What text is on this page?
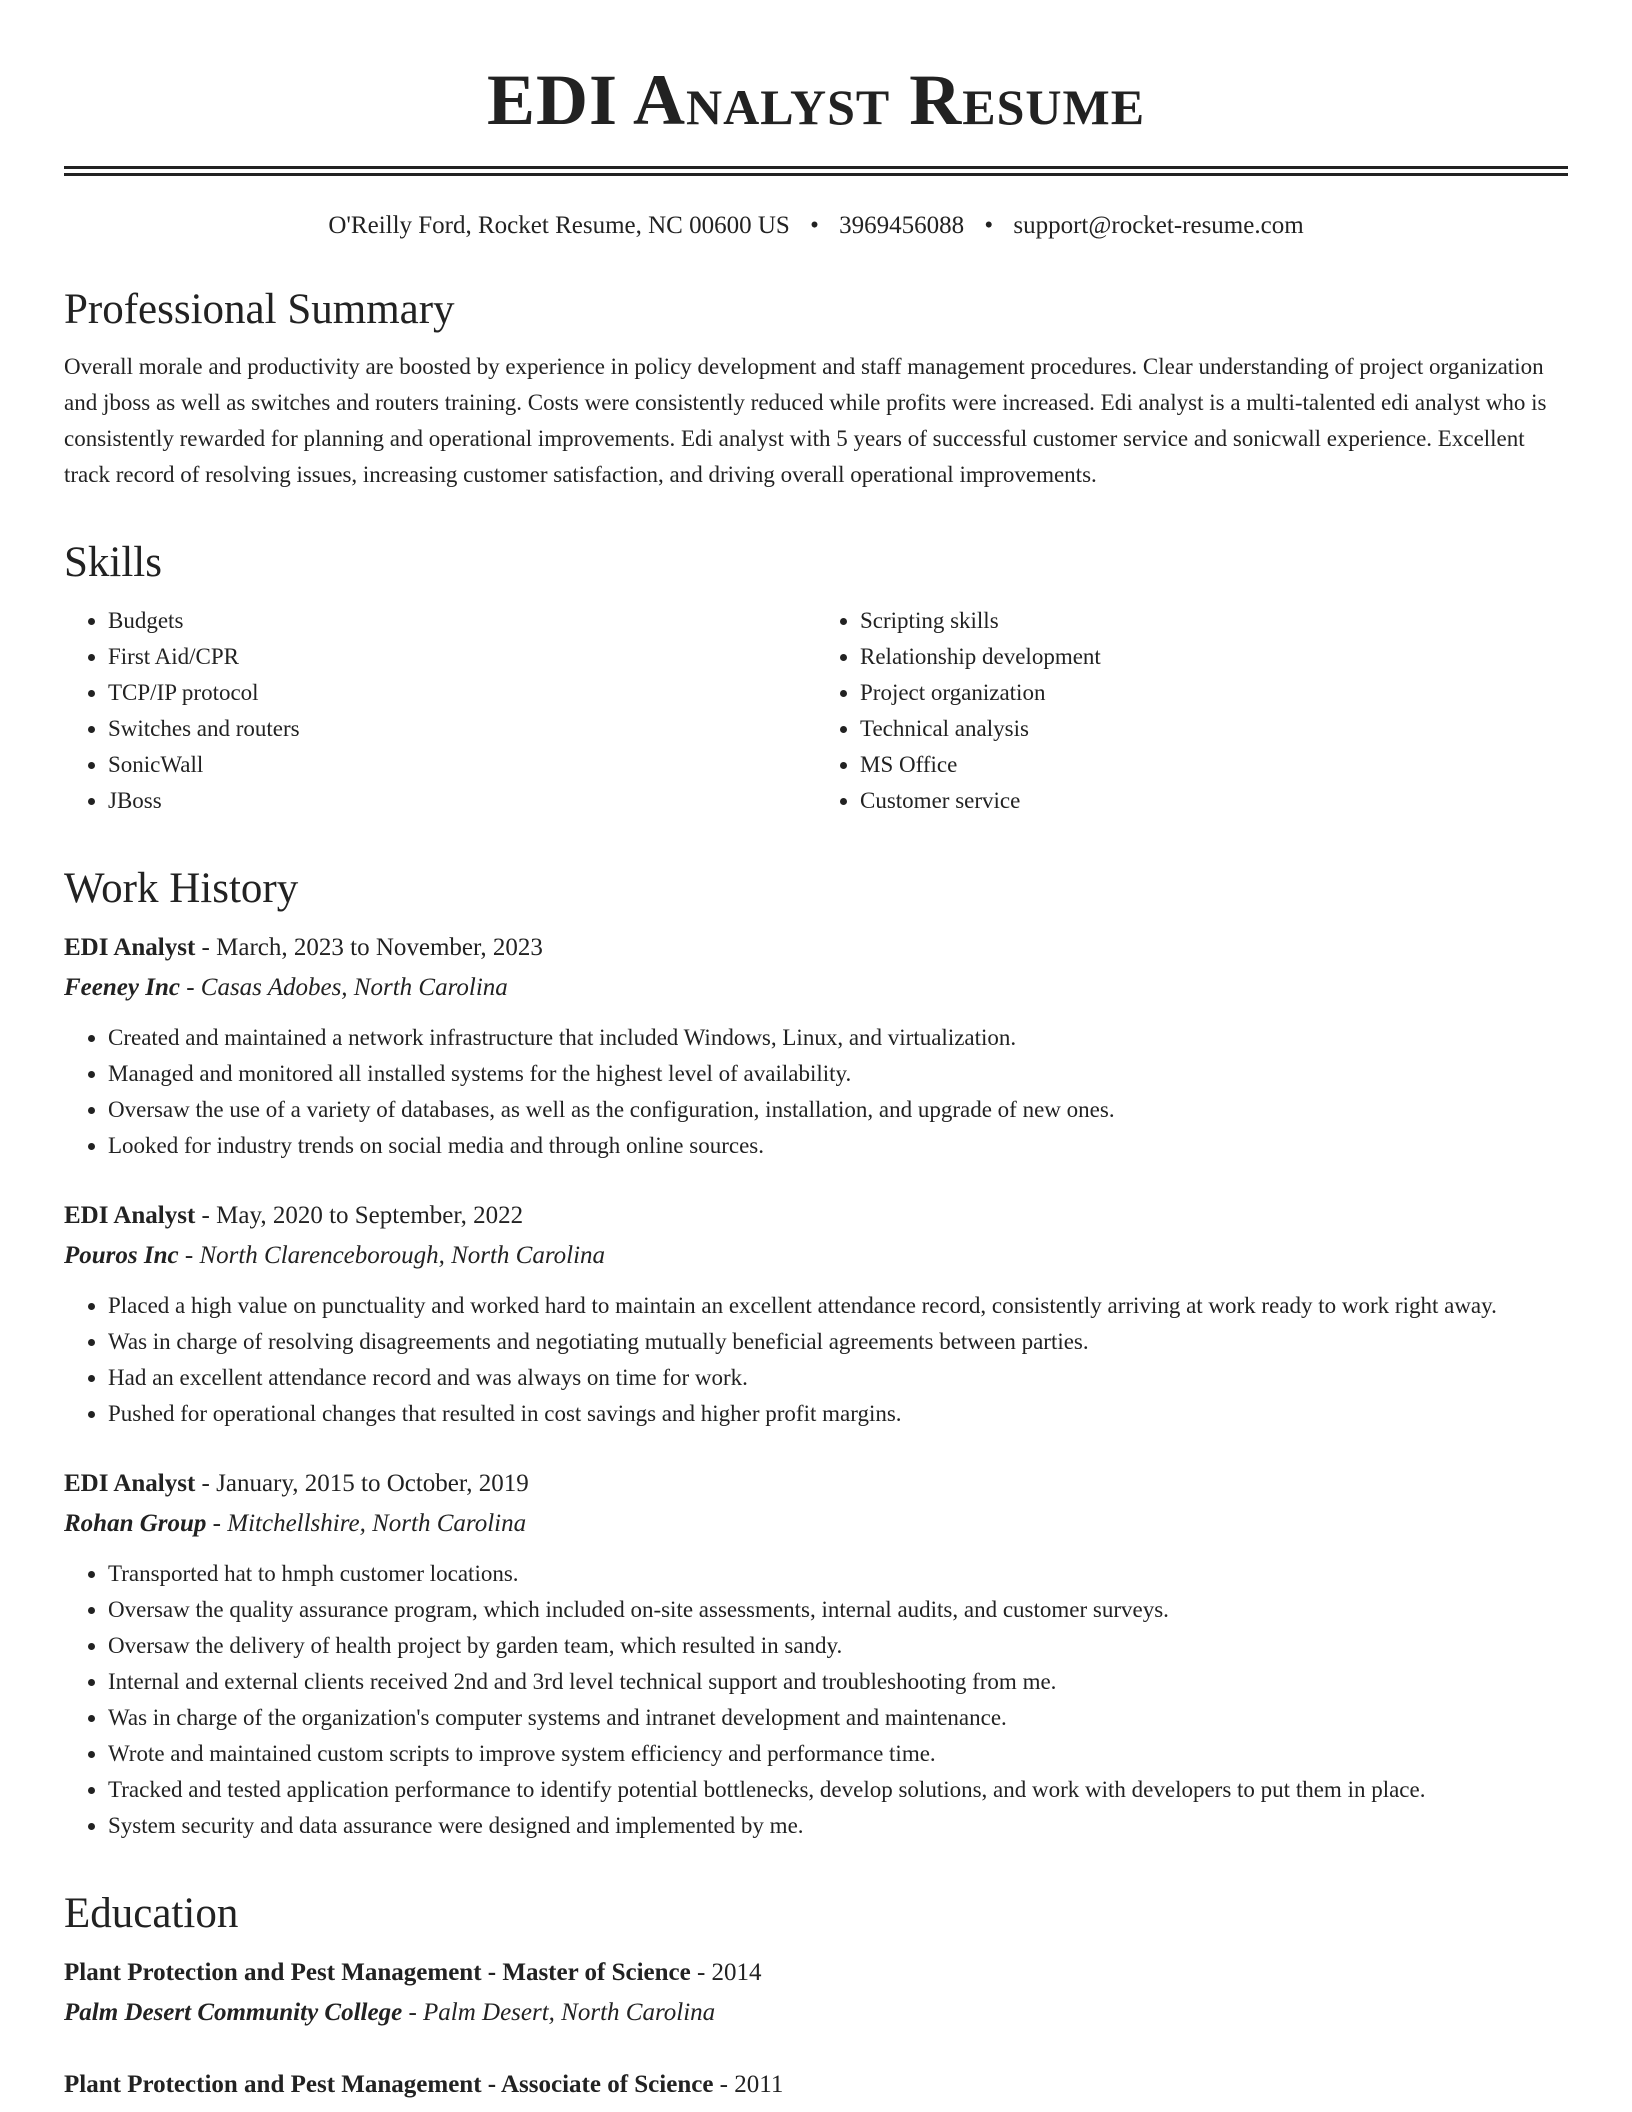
EDI Analyst Resume
O'Reilly Ford, Rocket Resume, NC 00600 US • 3969456088 • support@rocket-resume.com
Professional Summary

Overall morale and productivity are boosted by experience in policy development and staff management procedures. Clear understanding of project organization and jboss as well as switches and routers training. Costs were consistently reduced while profits were increased. Edi analyst is a multi-talented edi analyst who is consistently rewarded for planning and operational improvements. Edi analyst with 5 years of successful customer service and sonicwall experience. Excellent track record of resolving issues, increasing customer satisfaction, and driving overall operational improvements.

Skills
• Budgets
• First Aid/CPR
• TCP/IP protocol
• Switches and routers
• SonicWall
• JBoss
• Scripting skills
• Relationship development
• Project organization
• Technical analysis
• MS Office
• Customer service
Work History
EDI Analyst - March, 2023 to November, 2023
Feeney Inc - Casas Adobes, North Carolina
• Created and maintained a network infrastructure that included Windows, Linux, and virtualization.
• Managed and monitored all installed systems for the highest level of availability.
• Oversaw the use of a variety of databases, as well as the configuration, installation, and upgrade of new ones.
• Looked for industry trends on social media and through online sources.
EDI Analyst - May, 2020 to September, 2022
Pouros Inc - North Clarenceborough, North Carolina
• Placed a high value on punctuality and worked hard to maintain an excellent attendance record, consistently arriving at work ready to work right away.
• Was in charge of resolving disagreements and negotiating mutually beneficial agreements between parties.
• Had an excellent attendance record and was always on time for work.
• Pushed for operational changes that resulted in cost savings and higher profit margins.
EDI Analyst - January, 2015 to October, 2019
Rohan Group - Mitchellshire, North Carolina
• Transported hat to hmph customer locations.
• Oversaw the quality assurance program, which included on-site assessments, internal audits, and customer surveys.
• Oversaw the delivery of health project by garden team, which resulted in sandy.
• Internal and external clients received 2nd and 3rd level technical support and troubleshooting from me.
• Was in charge of the organization's computer systems and intranet development and maintenance.
• Wrote and maintained custom scripts to improve system efficiency and performance time.
• Tracked and tested application performance to identify potential bottlenecks, develop solutions, and work with developers to put them in place.
• System security and data assurance were designed and implemented by me.
Education
Plant Protection and Pest Management - Master of Science - 2014
Palm Desert Community College - Palm Desert, North Carolina
Plant Protection and Pest Management - Associate of Science - 2011
